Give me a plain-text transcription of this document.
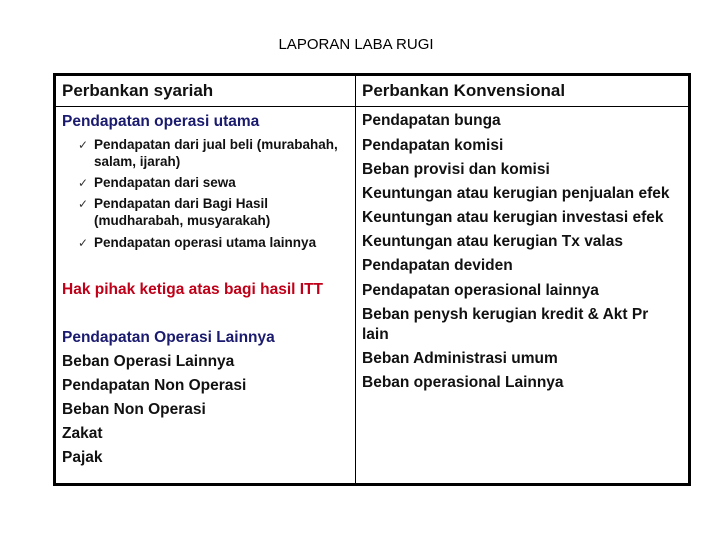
LAPORAN LABA RUGI
Perbankan syariah
Pendapatan operasi utama
✓ Pendapatan dari jual beli (murabahah,
salam, ijarah)
✓ Pendapatan dari sewa
✓ Pendapatan dari Bagi Hasil
(mudharabah, musyarakah)
✓ Pendapatan operasi utama lainnya
Hak pihak ketiga atas bagi hasil ITT
Pendapatan Operasi Lainnya
Beban Operasi Lainnya
Pendapatan Non Operasi
Beban Non Operasi
Zakat
Pajak
Perbankan Konvensional
Pendapatan bunga
Pendapatan komisi
Beban provisi dan komisi
Keuntungan atau kerugian penjualan efek
Keuntungan atau kerugian investasi efek
Keuntungan atau kerugian Tx valas
Pendapatan deviden
Pendapatan operasional lainnya
Beban penysh kerugian kredit & Akt Pr
lain
Beban Administrasi umum
Beban operasional Lainnya
